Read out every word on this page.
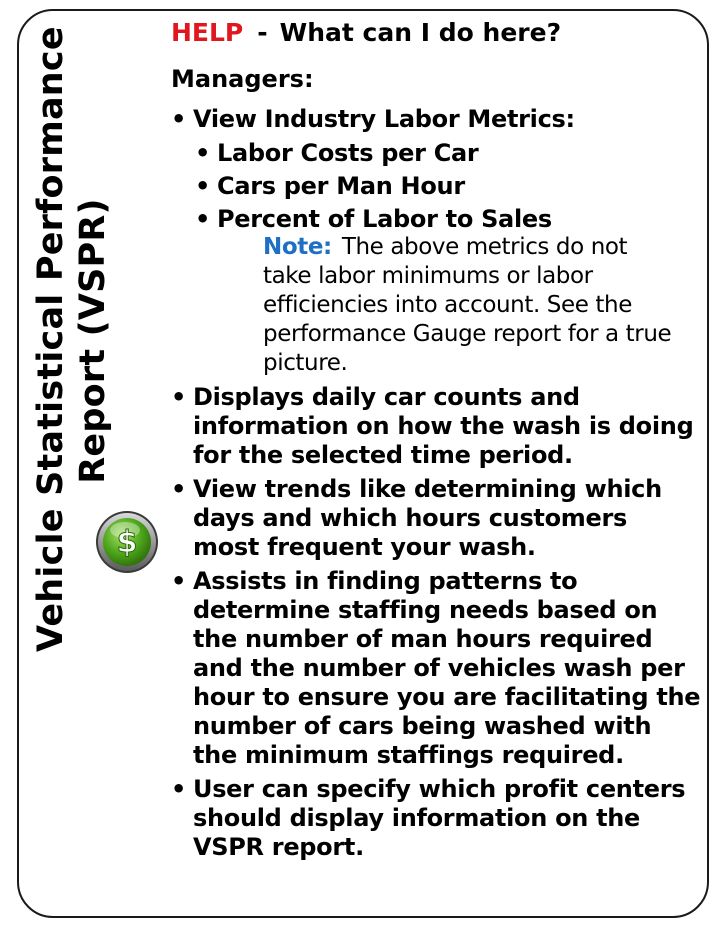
Vehicle Statistical Performance Report (VSPR)
$
HELP - What can I do here?
Managers:
• View Industry Labor Metrics:
• Labor Costs per Car
• Cars per Man Hour
• Percent of Labor to Sales
Note: The above metrics do not take labor minimums or labor efficiencies into account. See the performance Gauge report for a true picture.
• Displays daily car counts and information on how the wash is doing for the selected time period.
• View trends like determining which days and which hours customers most frequent your wash.
• Assists in finding patterns to determine staffing needs based on the number of man hours required and the number of vehicles wash per hour to ensure you are facilitating the number of cars being washed with the minimum staffings required.
• User can specify which profit centers should display information on the VSPR report.
